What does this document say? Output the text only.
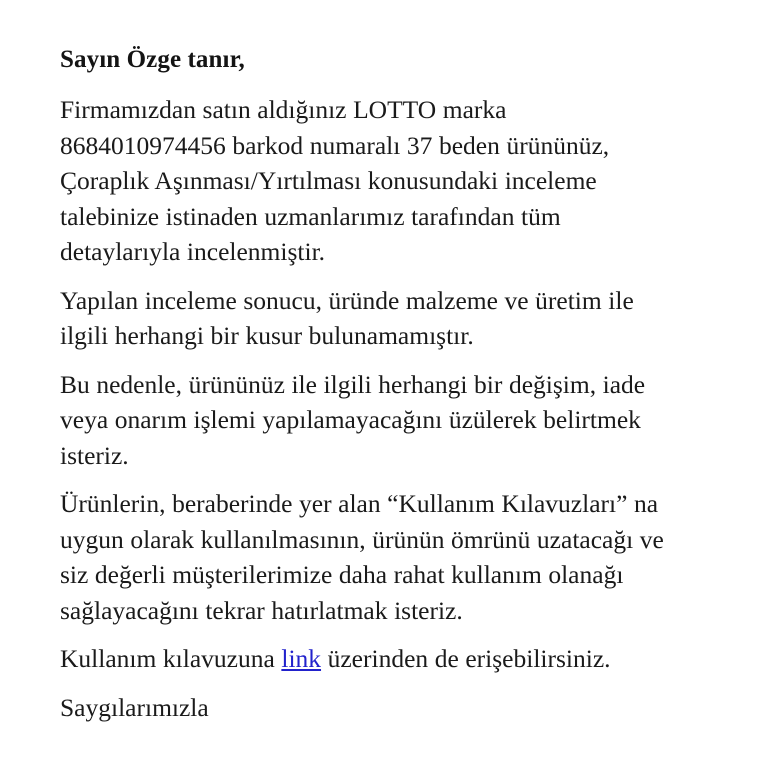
Sayın Özge tanır,

Firmamızdan satın aldığınız LOTTO marka 8684010974456 barkod numaralı 37 beden ürününüz, Çoraplık Aşınması/Yırtılması konusundaki inceleme talebinize istinaden uzmanlarımız tarafından tüm detaylarıyla incelenmiştir.

Yapılan inceleme sonucu, üründe malzeme ve üretim ile ilgili herhangi bir kusur bulunamamıştır.

Bu nedenle, ürününüz ile ilgili herhangi bir değişim, iade veya onarım işlemi yapılamayacağını üzülerek belirtmek isteriz.

Ürünlerin, beraberinde yer alan “Kullanım Kılavuzları” na uygun olarak kullanılmasının, ürünün ömrünü uzatacağı ve siz değerli müşterilerimize daha rahat kullanım olanağı sağlayacağını tekrar hatırlatmak isteriz.

Kullanım kılavuzuna link üzerinden de erişebilirsiniz.

Saygılarımızla
